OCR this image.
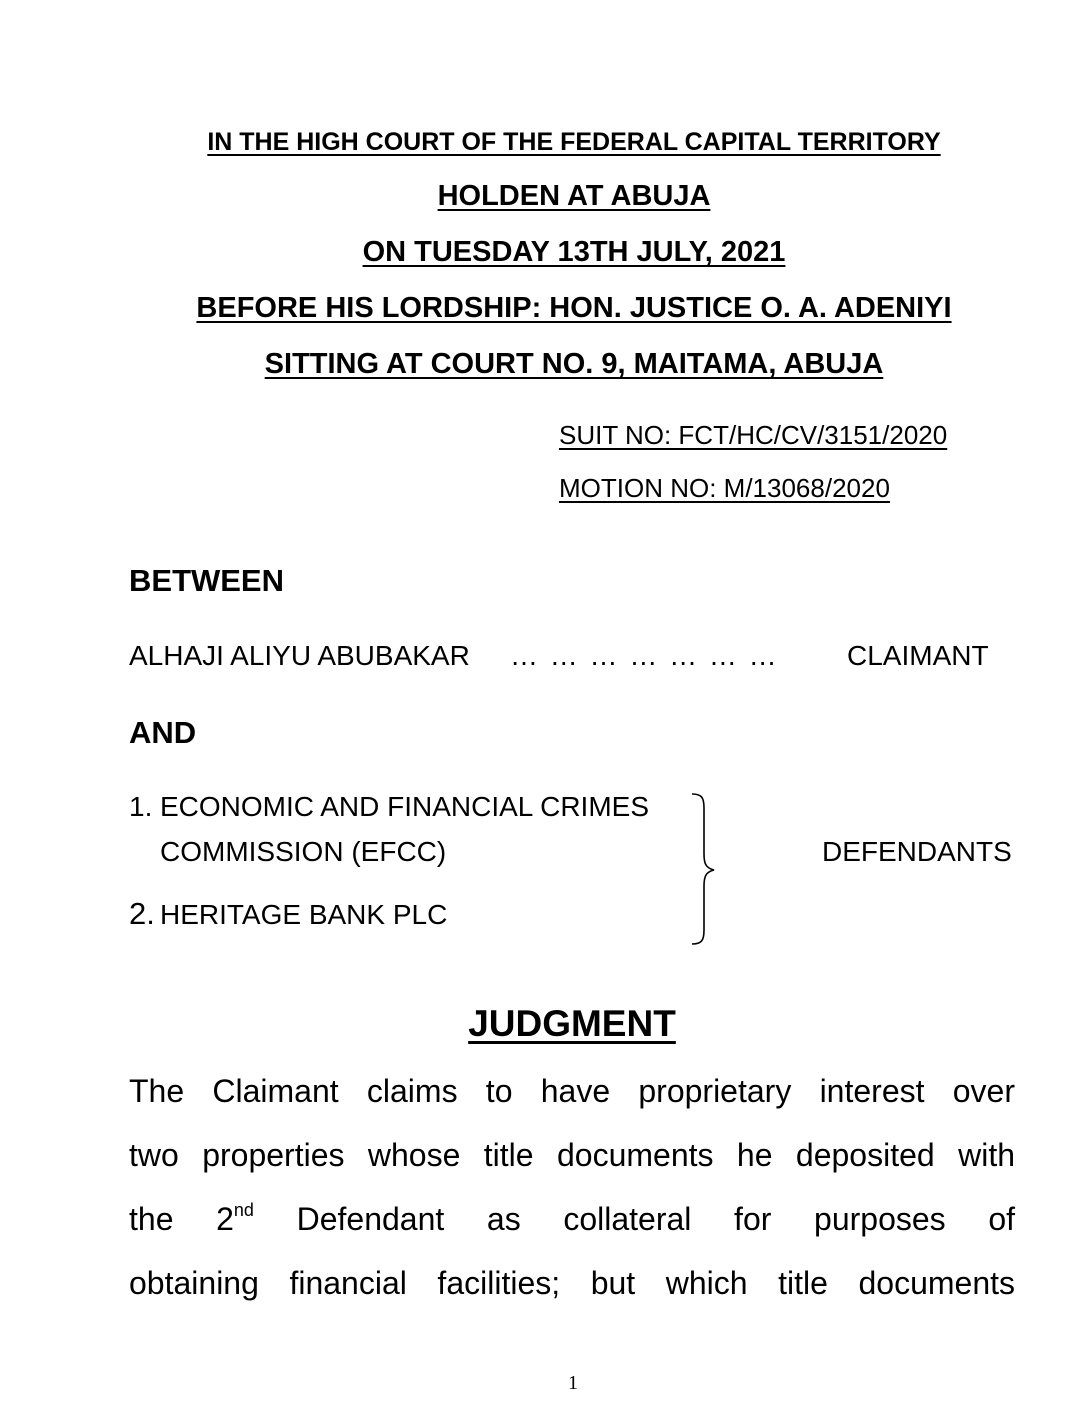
IN THE HIGH COURT OF THE FEDERAL CAPITAL TERRITORY
HOLDEN AT ABUJA
ON TUESDAY 13TH JULY, 2021
BEFORE HIS LORDSHIP: HON. JUSTICE O. A. ADENIYI
SITTING AT COURT NO. 9, MAITAMA, ABUJA
SUIT NO: FCT/HC/CV/3151/2020
MOTION NO: M/13068/2020
BETWEEN
ALHAJI ALIYU ABUBAKAR … … … … … … … CLAIMANT
AND
1. ECONOMIC AND FINANCIAL CRIMES
COMMISSION (EFCC)
2. HERITAGE BANK PLC
DEFENDANTS
JUDGMENT
The Claimant claims to have proprietary interest over
two properties whose title documents he deposited with
the 2nd Defendant as collateral for purposes of
obtaining financial facilities; but which title documents
1
